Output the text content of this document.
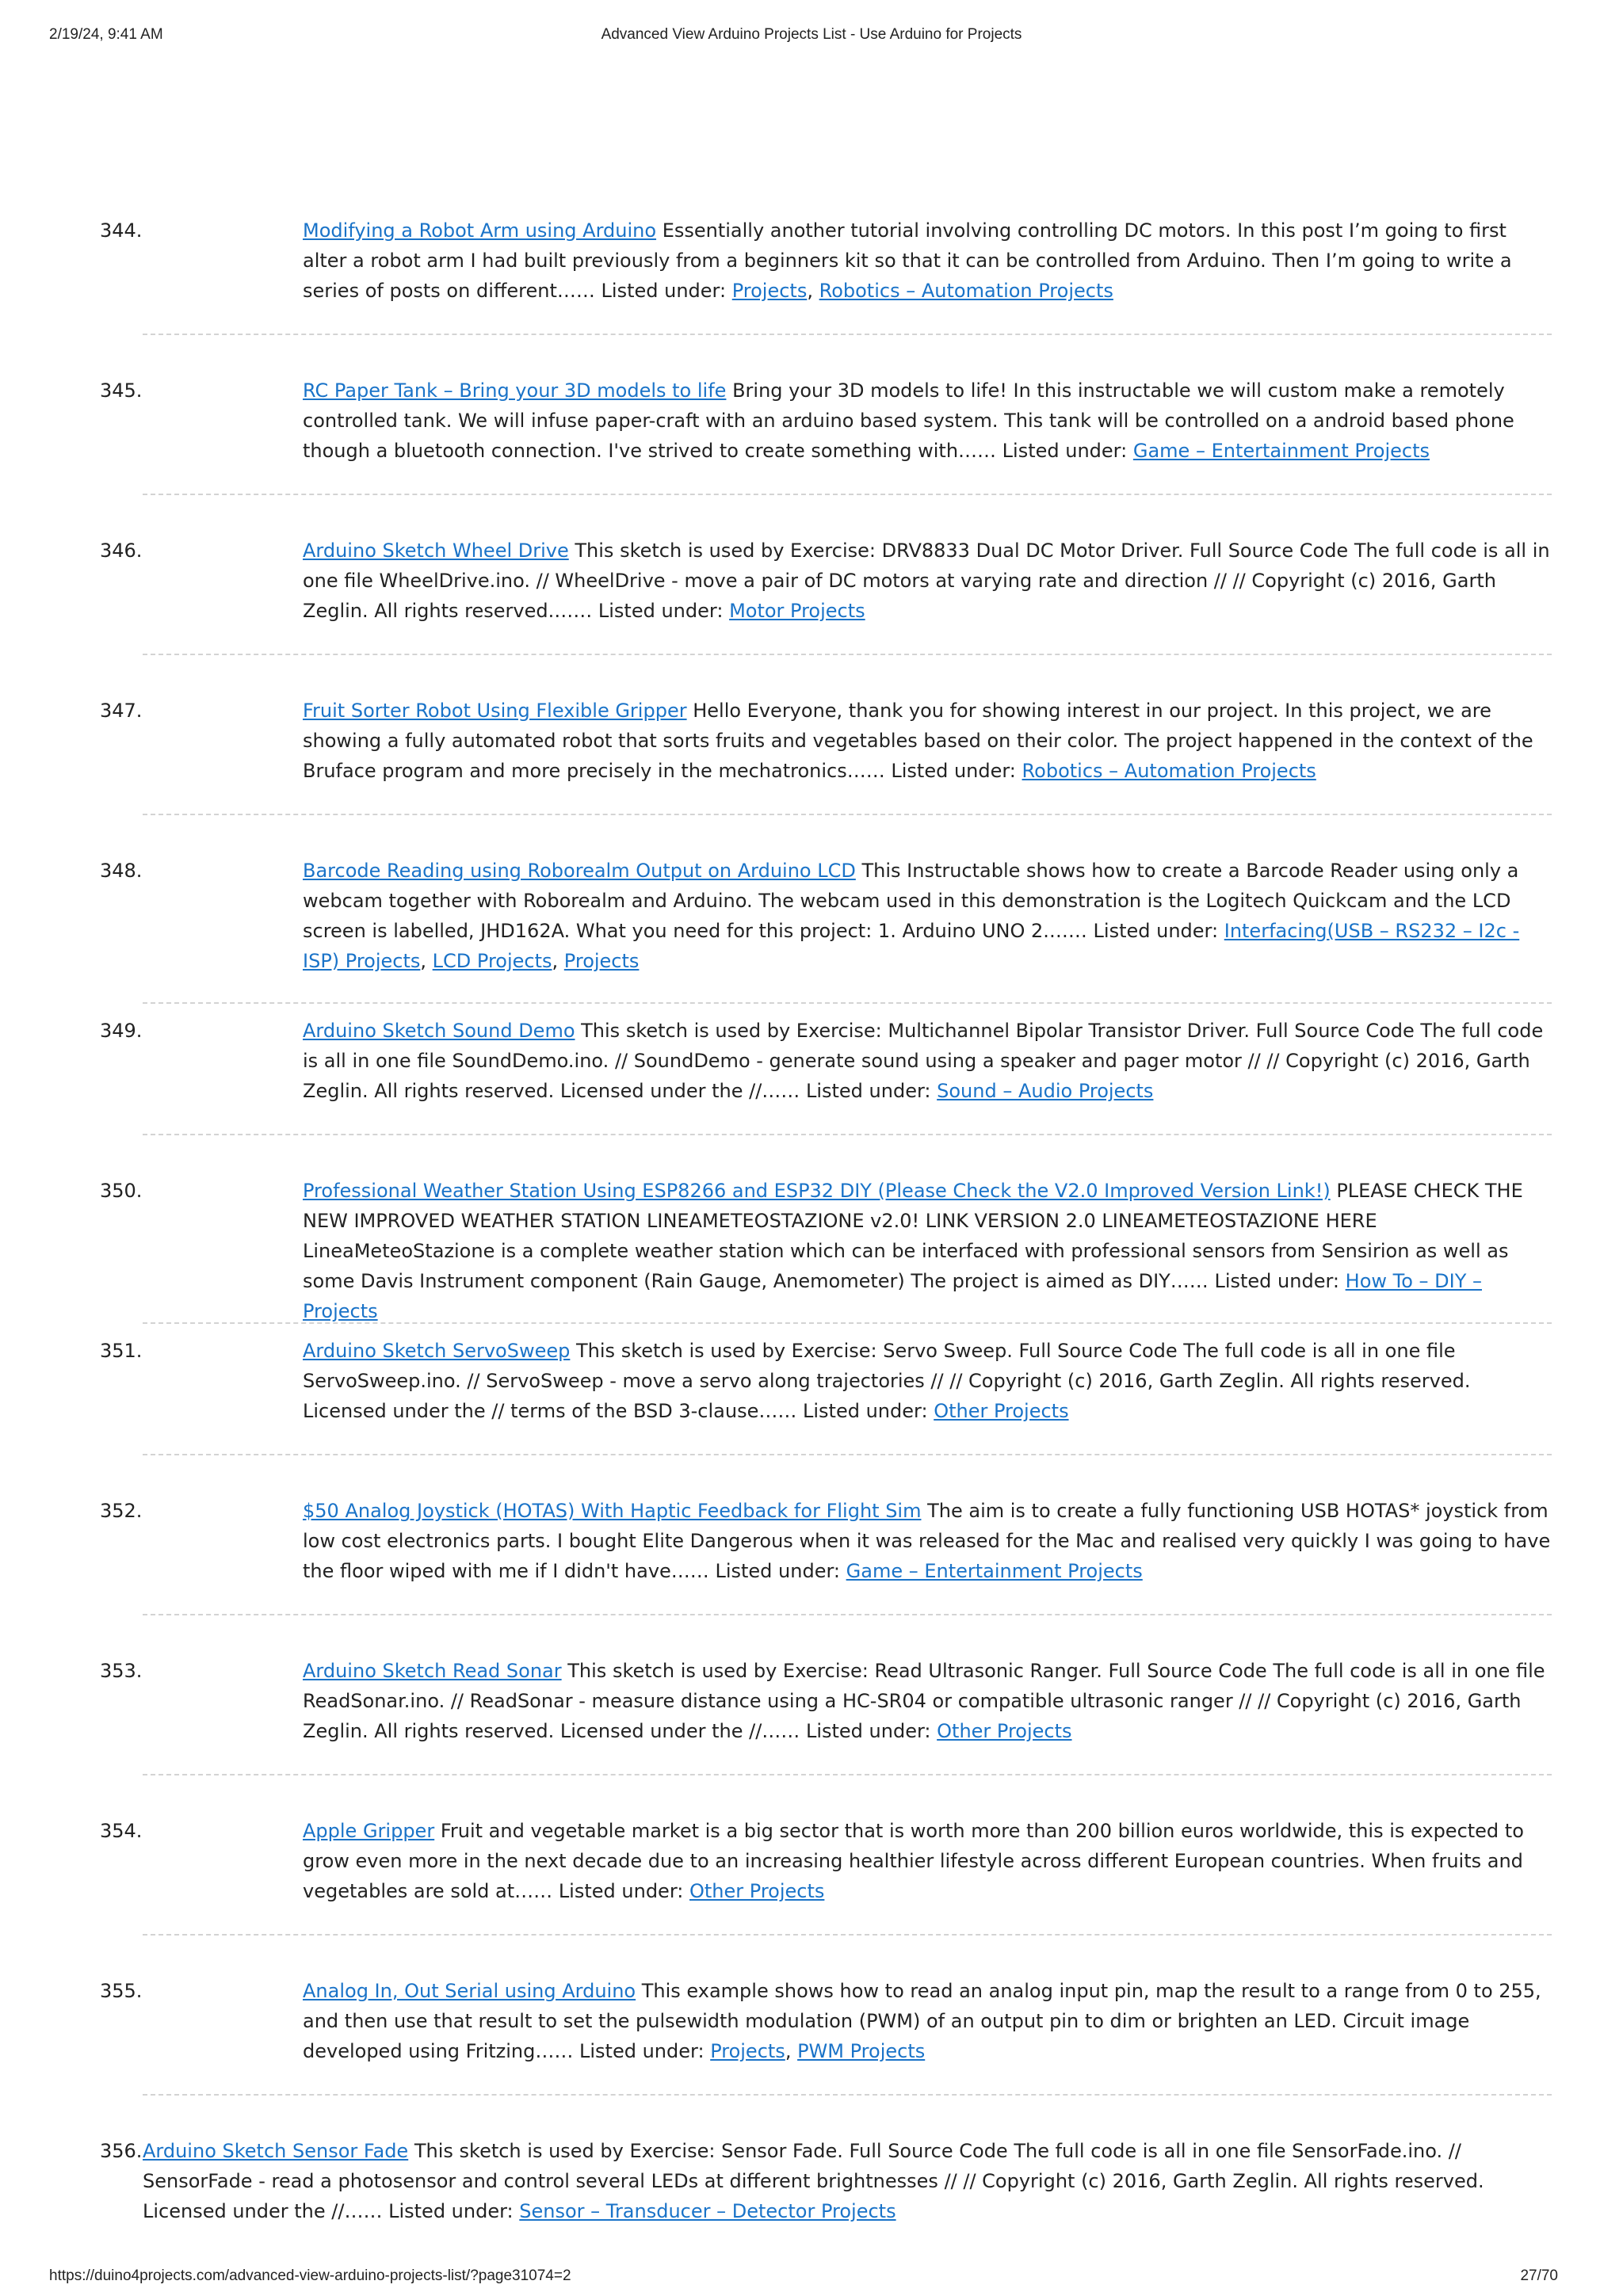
2/19/24, 9:41 AM	Advanced View Arduino Projects List - Use Arduino for Projects
344.	Modifying a Robot Arm using Arduino Essentially another tutorial involving controlling DC motors. In this post I’m going to first alter a robot arm I had built previously from a beginners kit so that it can be controlled from Arduino. Then I’m going to write a series of posts on different…… Listed under: Projects, Robotics – Automation Projects
345.	RC Paper Tank – Bring your 3D models to life Bring your 3D models to life! In this instructable we will custom make a remotely controlled tank. We will infuse paper-craft with an arduino based system. This tank will be controlled on a android based phone though a bluetooth connection. I've strived to create something with…… Listed under: Game – Entertainment Projects
346.	Arduino Sketch Wheel Drive This sketch is used by Exercise: DRV8833 Dual DC Motor Driver. Full Source Code The full code is all in one file WheelDrive.ino. // WheelDrive - move a pair of DC motors at varying rate and direction // // Copyright (c) 2016, Garth Zeglin. All rights reserved.…… Listed under: Motor Projects
347.	Fruit Sorter Robot Using Flexible Gripper Hello Everyone, thank you for showing interest in our project. In this project, we are showing a fully automated robot that sorts fruits and vegetables based on their color. The project happened in the context of the Bruface program and more precisely in the mechatronics…… Listed under: Robotics – Automation Projects
348.	Barcode Reading using Roborealm Output on Arduino LCD This Instructable shows how to create a Barcode Reader using only a webcam together with Roborealm and Arduino. The webcam used in this demonstration is the Logitech Quickcam and the LCD screen is labelled, JHD162A. What you need for this project: 1. Arduino UNO 2.…… Listed under: Interfacing(USB – RS232 – I2c -ISP) Projects, LCD Projects, Projects
349.	Arduino Sketch Sound Demo This sketch is used by Exercise: Multichannel Bipolar Transistor Driver. Full Source Code The full code is all in one file SoundDemo.ino. // SoundDemo - generate sound using a speaker and pager motor // // Copyright (c) 2016, Garth Zeglin. All rights reserved. Licensed under the //…… Listed under: Sound – Audio Projects
350.	Professional Weather Station Using ESP8266 and ESP32 DIY (Please Check the V2.0 Improved Version Link!) PLEASE CHECK THE NEW IMPROVED WEATHER STATION LINEAMETEOSTAZIONE v2.0! LINK VERSION 2.0 LINEAMETEOSTAZIONE HERE LineaMeteoStazione is a complete weather station which can be interfaced with professional sensors from Sensirion as well as some Davis Instrument component (Rain Gauge, Anemometer) The project is aimed as DIY…… Listed under: How To – DIY – Projects
351.	Arduino Sketch ServoSweep This sketch is used by Exercise: Servo Sweep. Full Source Code The full code is all in one file ServoSweep.ino. // ServoSweep - move a servo along trajectories // // Copyright (c) 2016, Garth Zeglin. All rights reserved. Licensed under the // terms of the BSD 3-clause…… Listed under: Other Projects
352.	$50 Analog Joystick (HOTAS) With Haptic Feedback for Flight Sim The aim is to create a fully functioning USB HOTAS* joystick from low cost electronics parts. I bought Elite Dangerous when it was released for the Mac and realised very quickly I was going to have the floor wiped with me if I didn't have…… Listed under: Game – Entertainment Projects
353.	Arduino Sketch Read Sonar This sketch is used by Exercise: Read Ultrasonic Ranger. Full Source Code The full code is all in one file ReadSonar.ino. // ReadSonar - measure distance using a HC-SR04 or compatible ultrasonic ranger // // Copyright (c) 2016, Garth Zeglin. All rights reserved. Licensed under the //…… Listed under: Other Projects
354.	Apple Gripper Fruit and vegetable market is a big sector that is worth more than 200 billion euros worldwide, this is expected to grow even more in the next decade due to an increasing healthier lifestyle across different European countries. When fruits and vegetables are sold at…… Listed under: Other Projects
355.	Analog In, Out Serial using Arduino This example shows how to read an analog input pin, map the result to a range from 0 to 255, and then use that result to set the pulsewidth modulation (PWM) of an output pin to dim or brighten an LED. Circuit image developed using Fritzing…… Listed under: Projects, PWM Projects
356. Arduino Sketch Sensor Fade This sketch is used by Exercise: Sensor Fade. Full Source Code The full code is all in one file SensorFade.ino. // SensorFade - read a photosensor and control several LEDs at different brightnesses // // Copyright (c) 2016, Garth Zeglin. All rights reserved. Licensed under the //…… Listed under: Sensor – Transducer – Detector Projects
https://duino4projects.com/advanced-view-arduino-projects-list/?page31074=2	27/70
